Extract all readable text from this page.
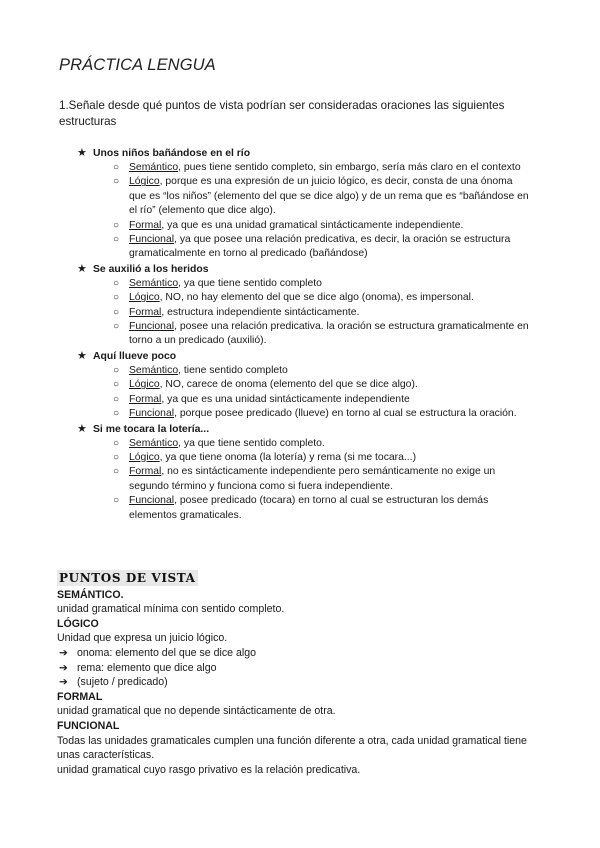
PRÁCTICA LENGUA
1.Señale desde qué puntos de vista podrían ser consideradas oraciones las siguientes estructuras
★ Unos niños bañándose en el río
○ Semántico, pues tiene sentido completo, sin embargo, sería más claro en el contexto
○ Lógico, porque es una expresión de un juicio lógico, es decir, consta de una ónoma que es “los niños” (elemento del que se dice algo) y de un rema que es “bañándose en el río” (elemento que dice algo).
○ Formal, ya que es una unidad gramatical sintácticamente independiente.
○ Funcional, ya que posee una relación predicativa, es decir, la oración se estructura gramaticalmente en torno al predicado (bañándose)
★ Se auxilió a los heridos
○ Semántico, ya que tiene sentido completo
○ Lógico, NO, no hay elemento del que se dice algo (onoma), es impersonal.
○ Formal, estructura independiente sintácticamente.
○ Funcional, posee una relación predicativa. la oración se estructura gramaticalmente en torno a un predicado (auxilió).
★ Aquí llueve poco
○ Semántico, tiene sentido completo
○ Lógico, NO, carece de onoma (elemento del que se dice algo).
○ Formal, ya que es una unidad sintácticamente independiente
○ Funcional, porque posee predicado (llueve) en torno al cual se estructura la oración.
★ Si me tocara la lotería...
○ Semántico, ya que tiene sentido completo.
○ Lógico, ya que tiene onoma (la lotería) y rema (si me tocara...)
○ Formal, no es sintácticamente independiente pero semánticamente no exige un segundo término y funciona como si fuera independiente.
○ Funcional, posee predicado (tocara) en torno al cual se estructuran los demás elementos gramaticales.
PUNTOS DE VISTA
SEMÁNTICO.
unidad gramatical mínima con sentido completo.
LÓGICO
Unidad que expresa un juicio lógico.
➔ onoma: elemento del que se dice algo
➔ rema: elemento que dice algo
➔ (sujeto / predicado)
FORMAL
unidad gramatical que no depende sintácticamente de otra.
FUNCIONAL
Todas las unidades gramaticales cumplen una función diferente a otra, cada unidad gramatical tiene unas características.
unidad gramatical cuyo rasgo privativo es la relación predicativa.
